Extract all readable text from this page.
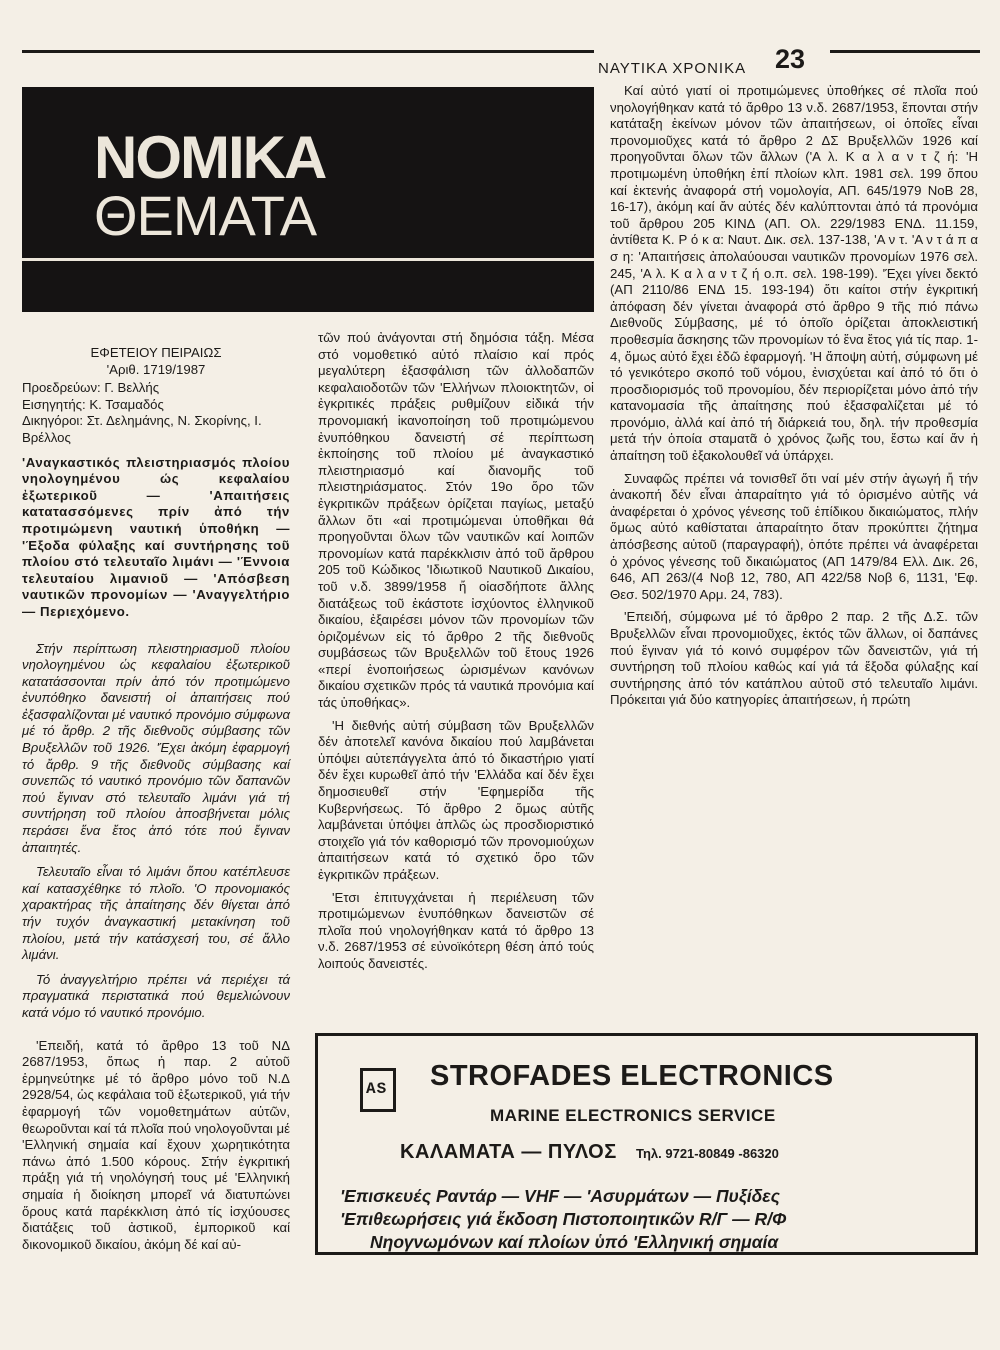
ΝΑΥΤΙΚΑ ΧΡΟΝΙΚΑ	23
ΝΟΜΙΚΑ
ΘΕΜΑΤΑ
ΕΦΕΤΕΙΟΥ ΠΕΙΡΑΙΩΣ
'Αριθ. 1719/1987

Προεδρεύων: Γ. Βελλής

Εισηγητής: Κ. Τσαμαδός

Δικηγόροι: Στ. Δελημάνης, Ν. Σκορίνης, Ι. Βρέλλος

'Αναγκαστικός πλειστηριασμός πλοίου νηολογημένου ώς κεφαλαίου ἐξωτερικοῦ — 'Απαιτήσεις κατατασσόμενες πρίν ἀπό τήν προτιμώμενη ναυτική ὑποθήκη — 'Έξοδα φύλαξης καί συντήρησης τοῦ πλοίου στό τελευταῖο λιμάνι — 'Έννοια τελευταίου λιμανιοῦ — 'Απόσβεση ναυτικῶν προνομίων — 'Αναγγελτήριο — Περιεχόμενο.

Στήν περίπτωση πλειστηριασμοῦ πλοίου νηολογημένου ὡς κεφαλαίου ἐξωτερικοῦ κατατάσσονται πρίν ἀπό τόν προτιμώμενο ἐνυπόθηκο δανειστή οἱ ἀπαιτήσεις πού ἐξασφαλίζονται μέ ναυτικό προνόμιο σύμφωνα μέ τό ἄρθρ. 2 τῆς διεθνοῦς σύμβασης τῶν Βρυξελλῶν τοῦ 1926. 'Έχει ἀκόμη ἐφαρμογή τό ἄρθρ. 9 τῆς διεθνοῦς σύμβασης καί συνεπῶς τό ναυτικό προνόμιο τῶν δαπανῶν πού ἔγιναν στό τελευταῖο λιμάνι γιά τή συντήρηση τοῦ πλοίου ἀποσβήνεται μόλις περάσει ἕνα ἔτος ἀπό τότε πού ἔγιναν ἀπαιτητές.

Τελευταῖο εἶναι τό λιμάνι ὅπου κατέπλευσε καί κατασχέθηκε τό πλοῖο. 'Ο προνομιακός χαρακτήρας τῆς ἀπαίτησης δέν θίγεται ἀπό τήν τυχόν ἀναγκαστική μετακίνηση τοῦ πλοίου, μετά τήν κατάσχεσή του, σέ ἄλλο λιμάνι.

Τό ἀναγγελτήριο πρέπει νά περιέχει τά πραγματικά περιστατικά πού θεμελιώνουν κατά νόμο τό ναυτικό προνόμιο.

'Επειδή, κατά τό ἄρθρο 13 τοῦ ΝΔ 2687/1953, ὅπως ἡ παρ. 2 αὐτοῦ ἑρμηνεύτηκε μέ τό ἄρθρο μόνο τοῦ Ν.Δ 2928/54, ὡς κεφάλαια τοῦ ἐξωτερικοῦ, γιά τήν ἐφαρμογή τῶν νομοθετημάτων αὐτῶν, θεωροῦνται καί τά πλοῖα πού νηολογοῦνται μέ 'Ελληνική σημαία καί ἔχουν χωρητικότητα πάνω ἀπό 1.500 κόρους. Στήν ἐγκριτική πράξη γιά τή νηολόγησή τους μέ 'Ελληνική σημαία ἡ διοίκηση μπορεῖ νά διατυπώνει ὅρους κατά παρέκκλιση ἀπό τίς ἰσχύουσες διατάξεις τοῦ ἀστικοῦ, ἐμπορικοῦ καί δικονομικοῦ δικαίου, ἀκόμη δέ καί αὐ-

τῶν πού ἀνάγονται στή δημόσια τάξη. Μέσα στό νομοθετικό αὐτό πλαίσιο καί πρός μεγαλύτερη ἐξασφάλιση τῶν ἀλλοδαπῶν κεφαλαιοδοτῶν τῶν 'Ελλήνων πλοιοκτητῶν, οἱ ἐγκριτικές πράξεις ρυθμίζουν εἰδικά τήν προνομιακή ἱκανοποίηση τοῦ προτιμώμενου ἐνυπόθηκου δανειστή σέ περίπτωση ἐκποίησης τοῦ πλοίου μέ ἀναγκαστικό πλειστηριασμό καί διανομῆς τοῦ πλειστηριάσματος. Στόν 19ο ὅρο τῶν ἐγκριτικῶν πράξεων ὁρίζεται παγίως, μεταξύ ἄλλων ὅτι «αἱ προτιμώμεναι ὑποθῆκαι θά προηγοῦνται ὅλων τῶν ναυτικῶν καί λοιπῶν προνομίων κατά παρέκκλισιν ἀπό τοῦ ἄρθρου 205 τοῦ Κώδικος 'Ιδιωτικοῦ Ναυτικοῦ Δικαίου, τοῦ ν.δ. 3899/1958 ἤ οἱασδήποτε ἄλλης διατάξεως τοῦ ἑκάστοτε ἰσχύοντος ἑλληνικοῦ δικαίου, ἐξαιρέσει μόνον τῶν προνομίων τῶν ὁριζομένων εἰς τό ἄρθρο 2 τῆς διεθνοῦς συμβάσεως τῶν Βρυξελλῶν τοῦ ἔτους 1926 «περί ἑνοποιήσεως ὡρισμένων κανόνων δικαίου σχετικῶν πρός τά ναυτικά προνόμια καί τάς ὑποθήκας».

'Η διεθνής αὐτή σύμβαση τῶν Βρυξελλῶν δέν ἀποτελεῖ κανόνα δικαίου πού λαμβάνεται ὑπόψει αὐτεπάγγελτα ἀπό τό δικαστήριο γιατί δέν ἔχει κυρωθεῖ ἀπό τήν 'Ελλάδα καί δέν ἔχει δημοσιευθεῖ στήν 'Εφημερίδα τῆς Κυβερνήσεως. Τό ἄρθρο 2 ὅμως αὐτῆς λαμβάνεται ὑπόψει ἁπλῶς ὡς προσδιοριστικό στοιχεῖο γιά τόν καθορισμό τῶν προνομιούχων ἀπαιτήσεων κατά τό σχετικό ὅρο τῶν ἐγκριτικῶν πράξεων.

'Ετσι ἐπιτυγχάνεται ἡ περιέλευση τῶν προτιμώμενων ἐνυπόθηκων δανειστῶν σέ πλοῖα πού νηολογήθηκαν κατά τό ἄρθρο 13 ν.δ. 2687/1953 σέ εὐνοϊκότερη θέση ἀπό τούς λοιπούς δανειστές.

Καί αὐτό γιατί οἱ προτιμώμενες ὑποθήκες σέ πλοῖα πού νηολογήθηκαν κατά τό ἄρθρο 13 ν.δ. 2687/1953, ἕπονται στήν κατάταξη ἐκείνων μόνον τῶν ἀπαιτήσεων, οἱ ὁποῖες εἶναι προνομιοῦχες κατά τό ἄρθρο 2 ΔΣ Βρυξελλῶν 1926 καί προηγοῦνται ὅλων τῶν ἄλλων ('Α λ. Κ α λ α ν τ ζ ή: 'Η προτιμωμένη ὑποθήκη ἐπί πλοίων κλπ. 1981 σελ. 199 ὅπου καί ἐκτενής ἀναφορά στή νομολογία, ΑΠ. 645/1979 ΝοΒ 28, 16-17), ἀκόμη καί ἄν αὐτές δέν καλύπτονται ἀπό τά προνόμια τοῦ ἄρθρου 205 ΚΙΝΔ (ΑΠ. Ολ. 229/1983 ΕΝΔ. 11.159, ἀντίθετα Κ. Ρ ό κ α: Ναυτ. Δικ. σελ. 137-138, 'Α ν τ. 'Α ν τ ά π α σ η: 'Απαιτήσεις ἀπολαύουσαι ναυτικῶν προνομίων 1976 σελ. 245, 'Α λ. Κ α λ α ν τ ζ ή ο.π. σελ. 198-199). 'Έχει γίνει δεκτό (ΑΠ 2110/86 ΕΝΔ 15. 193-194) ὅτι καίτοι στήν ἐγκριτική ἀπόφαση δέν γίνεται ἀναφορά στό ἄρθρο 9 τῆς πιό πάνω Διεθνοῦς Σύμβασης, μέ τό ὁποῖο ὁρίζεται ἀποκλειστική προθεσμία ἄσκησης τῶν προνομίων τό ἕνα ἔτος γιά τίς παρ. 1-4, ὅμως αὐτό ἔχει ἐδῶ ἐφαρμογή. 'Η ἄποψη αὐτή, σύμφωνη μέ τό γενικότερο σκοπό τοῦ νόμου, ἐνισχύεται καί ἀπό τό ὅτι ὁ προσδιορισμός τοῦ προνομίου, δέν περιορίζεται μόνο ἀπό τήν κατανομασία τῆς ἀπαίτησης πού ἐξασφαλίζεται μέ τό προνόμιο, ἀλλά καί ἀπό τή διάρκειά του, δηλ. τήν προθεσμία μετά τήν ὁποία σταματᾶ ὁ χρόνος ζωῆς του, ἔστω καί ἄν ἡ ἀπαίτηση τοῦ ἐξακολουθεῖ νά ὑπάρχει.

Συναφῶς πρέπει νά τονισθεῖ ὅτι ναί μέν στήν ἀγωγή ἤ τήν ἀνακοπή δέν εἶναι ἀπαραίτητο γιά τό ὁρισμένο αὐτῆς νά ἀναφέρεται ὁ χρόνος γένεσης τοῦ ἐπίδικου δικαιώματος, πλήν ὅμως αὐτό καθίσταται ἀπαραίτητο ὅταν προκύπτει ζήτημα ἀπόσβεσης αὐτοῦ (παραγραφή), ὁπότε πρέπει νά ἀναφέρεται ὁ χρόνος γένεσης τοῦ δικαιώματος (ΑΠ 1479/84 Ελλ. Δικ. 26, 646, ΑΠ 263/(4 Νοβ 12, 780, ΑΠ 422/58 Νοβ 6, 1131, 'Εφ. Θεσ. 502/1970 Αρμ. 24, 783).

'Επειδή, σύμφωνα μέ τό ἄρθρο 2 παρ. 2 τῆς Δ.Σ. τῶν Βρυξελλῶν εἶναι προνομιοῦχες, ἐκτός τῶν ἄλλων, οἱ δαπάνες πού ἔγιναν γιά τό κοινό συμφέρον τῶν δανειστῶν, γιά τή συντήρηση τοῦ πλοίου καθώς καί γιά τά ἔξοδα φύλαξης καί συντήρησης ἀπό τόν κατάπλου αὐτοῦ στό τελευταῖο λιμάνι. Πρόκειται γιά δύο κατηγορίες ἀπαιτήσεων, ἡ πρώτη

AS STROFADES ELECTRONICS
MARINE ELECTRONICS SERVICE
ΚΑΛΑΜΑΤΑ — ΠΥΛΟΣ Τηλ. 9721-80849 -86320
'Επισκευές Ραντάρ — VHF — 'Ασυρμάτων — Πυξίδες
'Επιθεωρήσεις γιά ἔκδοση Πιστοποιητικῶν R/Γ — R/Φ
Νηογνωμόνων καί πλοίων ὑπό 'Ελληνική σημαία
